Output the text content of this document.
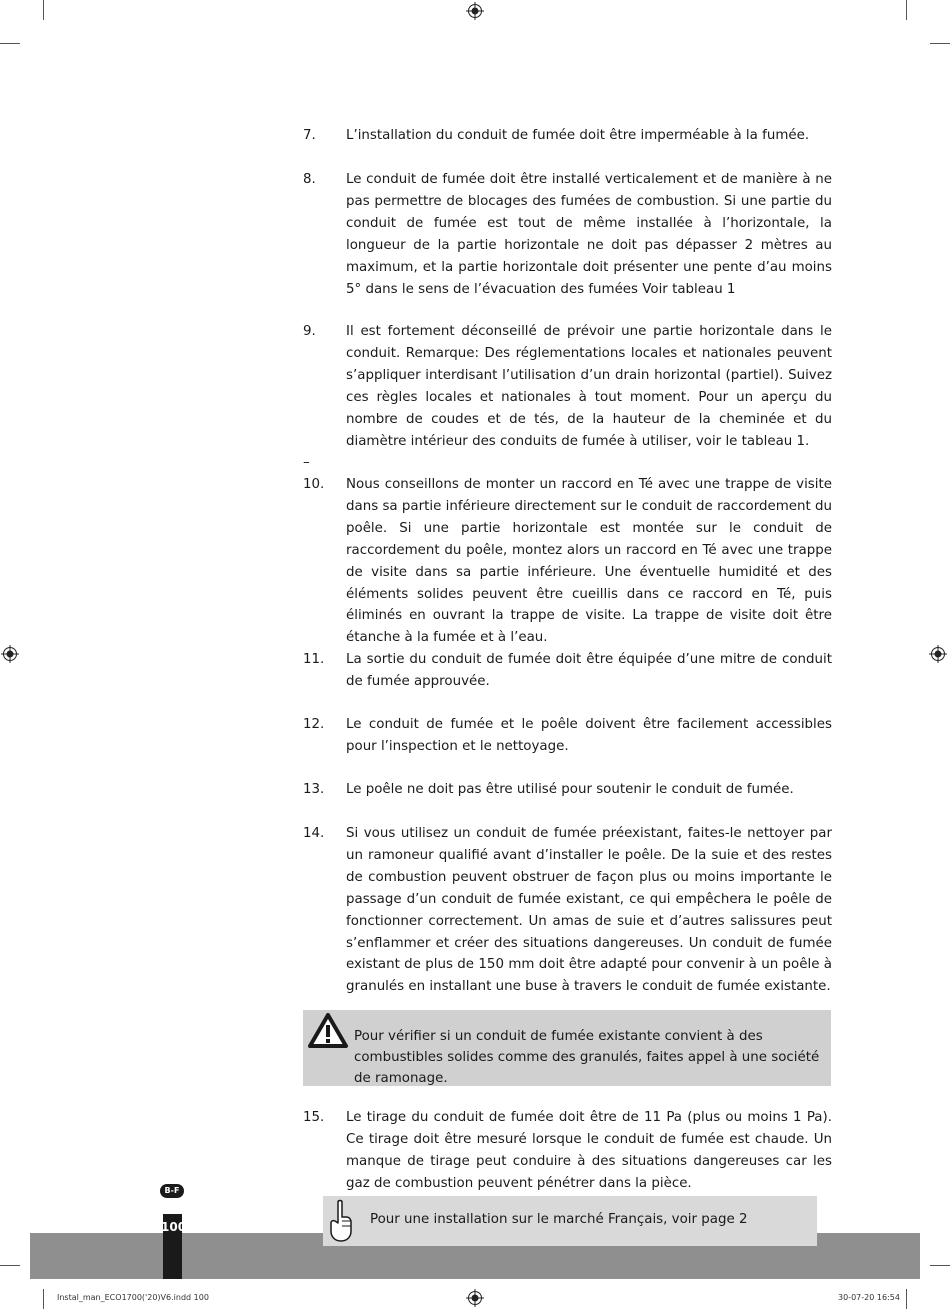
7. L’installation du conduit de fumée doit être imperméable à la fumée.
8. Le conduit de fumée doit être installé verticalement et de manière à ne pas permettre de blocages des fumées de combustion. Si une partie du conduit de fumée est tout de même installée à l’horizontale, la longueur de la partie horizontale ne doit pas dépasser 2 mètres au maximum, et la partie horizontale doit présenter une pente d’au moins 5° dans le sens de l’évacuation des fumées Voir tableau 1
9. Il est fortement déconseillé de prévoir une partie horizontale dans le conduit. Remarque: Des réglementations locales et nationales peuvent s’appliquer interdisant l’utilisation d’un drain horizontal (partiel). Suivez ces règles locales et nationales à tout moment. Pour un aperçu du nombre de coudes et de tés, de la hauteur de la cheminée et du diamètre intérieur des conduits de fumée à utiliser, voir le tableau 1.
10. Nous conseillons de monter un raccord en Té avec une trappe de visite dans sa partie inférieure directement sur le conduit de raccordement du poêle. Si une partie horizontale est montée sur le conduit de raccordement du poêle, montez alors un raccord en Té avec une trappe de visite dans sa partie inférieure. Une éventuelle humidité et des éléments solides peuvent être cueillis dans ce raccord en Té, puis éliminés en ouvrant la trappe de visite. La trappe de visite doit être étanche à la fumée et à l’eau.
11. La sortie du conduit de fumée doit être équipée d’une mitre de conduit de fumée approuvée.
12. Le conduit de fumée et le poêle doivent être facilement accessibles pour l’inspection et le nettoyage.
13. Le poêle ne doit pas être utilisé pour soutenir le conduit de fumée.
14. Si vous utilisez un conduit de fumée préexistant, faites-le nettoyer par un ramoneur qualifié avant d’installer le poêle. De la suie et des restes de combustion peuvent obstruer de façon plus ou moins importante le passage d’un conduit de fumée existant, ce qui empêchera le poêle de fonctionner correctement. Un amas de suie et d’autres salissures peut s’enflammer et créer des situations dangereuses. Un conduit de fumée existant de plus de 150 mm doit être adapté pour convenir à un poêle à granulés en installant une buse à travers le conduit de fumée existante.
15. Le tirage du conduit de fumée doit être de 11 Pa (plus ou moins 1 Pa). Ce tirage doit être mesuré lorsque le conduit de fumée est chaude. Un manque de tirage peut conduire à des situations dangereuses car les gaz de combustion peuvent pénétrer dans la pièce.
–
Pour vérifier si un conduit de fumée existante convient à des combustibles solides comme des granulés, faites appel à une société de ramonage.
100
B-F
Pour une installation sur le marché Français, voir page 2
Instal_man_ECO1700('20)V6.indd 100	30-07-20 16:54
